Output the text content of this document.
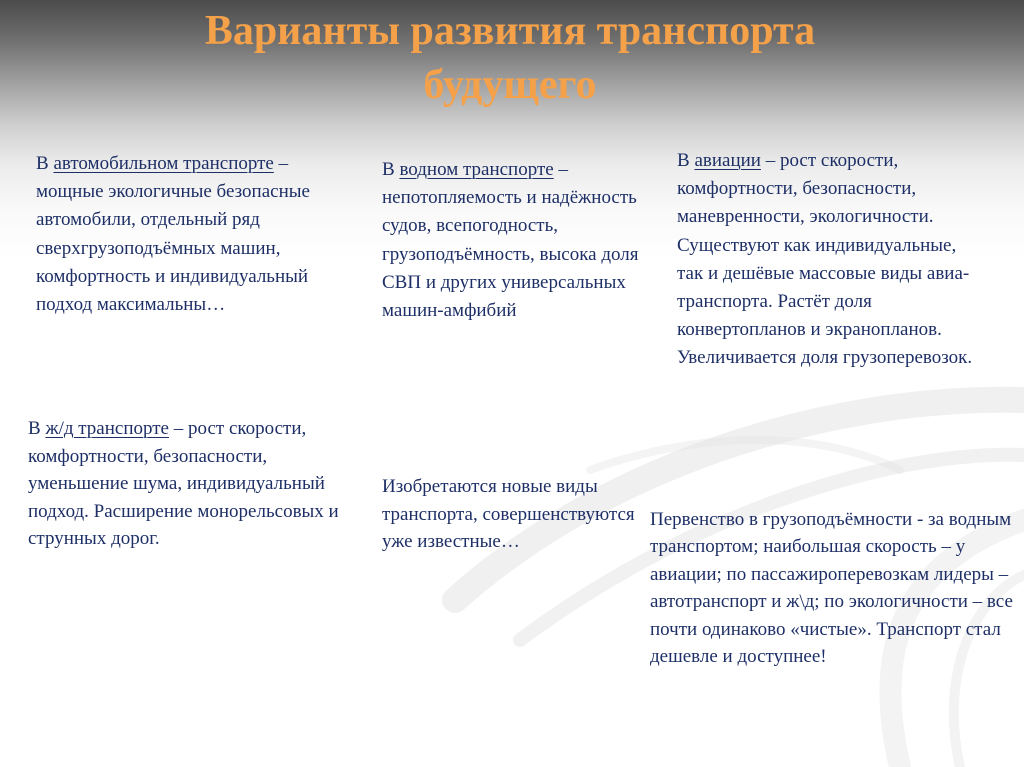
Варианты развития транспорта
будущего

В автомобильном транспорте – мощные экологичные безопасные автомобили, отдельный ряд сверхгрузоподъёмных машин, комфортность и индивидуальный подход максимальны…

В водном транспорте – непотопляемость и надёжность судов, всепогодность, грузоподъёмность, высока доля СВП и других универсальных машин-амфибий

В авиации – рост скорости, комфортности, безопасности, маневренности, экологичности. Существуют как индивидуальные, так и дешёвые массовые виды авиа-транспорта. Растёт доля конвертопланов и экранопланов. Увеличивается доля грузоперевозок.

В ж/д транспорте – рост скорости, комфортности, безопасности, уменьшение шума, индивидуальный подход. Расширение монорельсовых и струнных дорог.

Изобретаются новые виды транспорта, совершенствуются уже известные…

Первенство в грузоподъёмности - за водным транспортом; наибольшая скорость – у авиации; по пассажироперевозкам лидеры – автотранспорт и ж\д; по экологичности – все почти одинаково «чистые». Транспорт стал дешевле и доступнее!
